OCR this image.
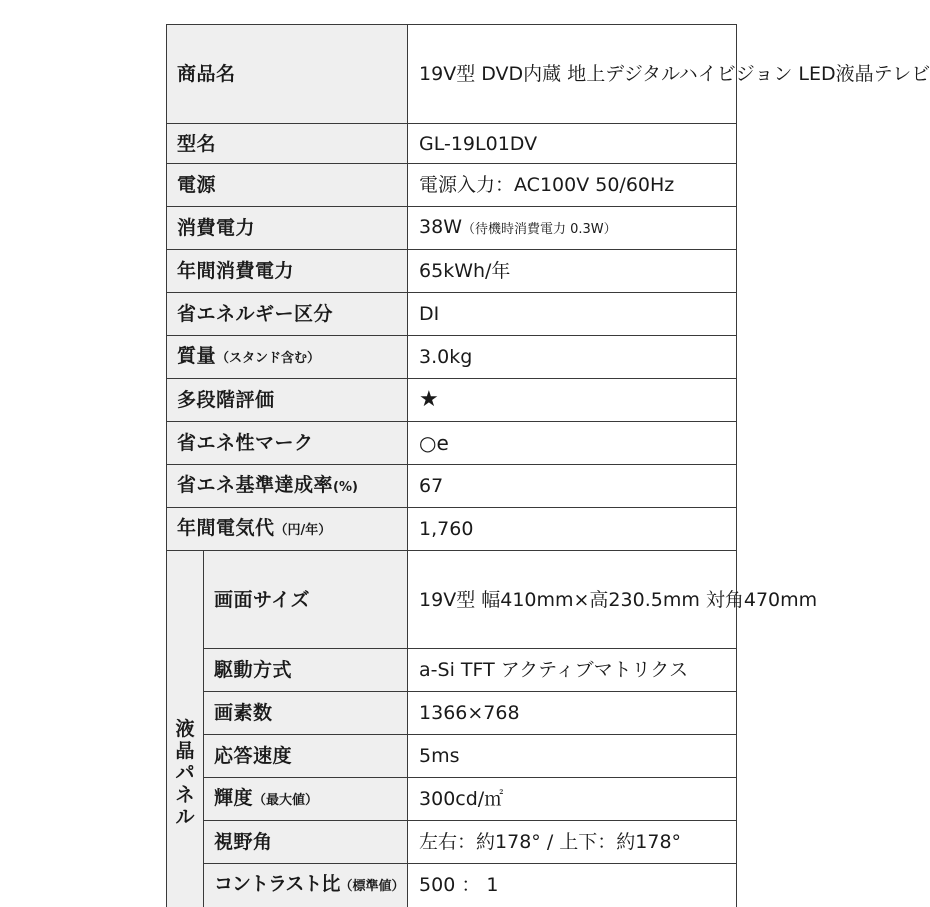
商品名		19V型 DVD内蔵 地上デジタルハイビジョン LED液晶テレビ
型名		GL-19L01DV
電源		電源入力：AC100V 50/60Hz
消費電力		38W（待機時消費電力 0.3W）
年間消費電力		65kWh/年
省エネルギー区分		DI
質量（スタンド含む）		3.0kg
多段階評価		★
省エネ性マーク		○e
省エネ基準達成率(%)		67
年間電気代（円/年）		1,760
液晶パネル	画面サイズ	19V型 幅410mm×高230.5mm 対角470mm
	駆動方式	a-Si TFT アクティブマトリクス
	画素数	1366×768
	応答速度	5ms
	輝度（最大値）	300cd/㎡
	視野角	左右：約178° / 上下：約178°
	コントラスト比（標準値）	500 ： 1
